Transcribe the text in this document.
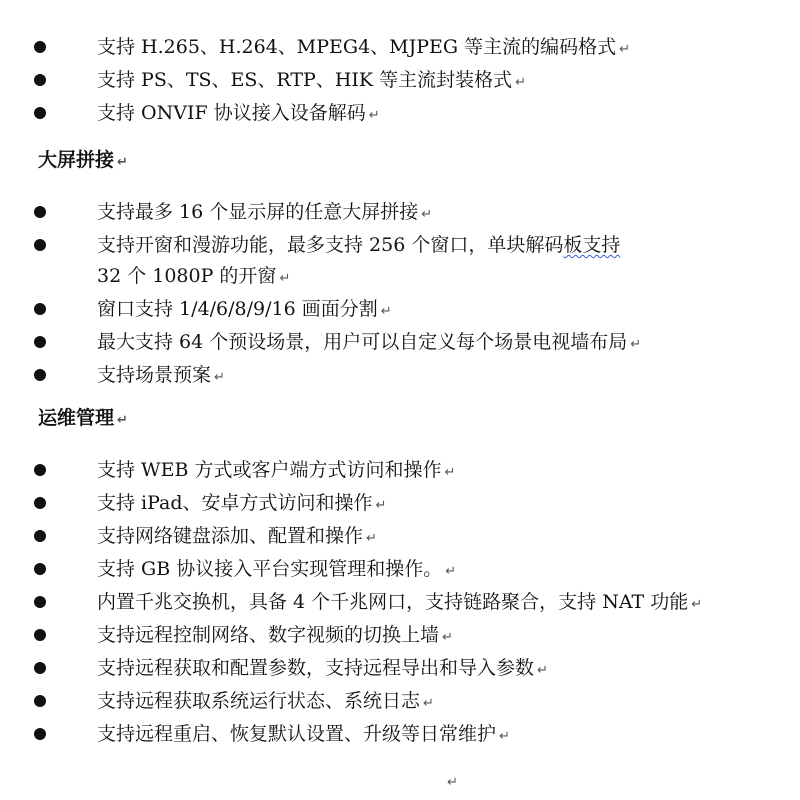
支持 H.265、H.264、MPEG4、MJPEG 等主流的编码格式 ↵
支持 PS、TS、ES、RTP、HIK 等主流封装格式 ↵
支持 ONVIF 协议接入设备解码 ↵
大屏拼接 ↵
支持最多 16 个显示屏的任意大屏拼接 ↵
支持开窗和漫游功能，最多支持 256 个窗口，单块解码板支持
32 个 1080P 的开窗 ↵
窗口支持 1/4/6/8/9/16 画面分割 ↵
最大支持 64 个预设场景，用户可以自定义每个场景电视墙布局 ↵
支持场景预案 ↵
运维管理 ↵
支持 WEB 方式或客户端方式访问和操作 ↵
支持 iPad、安卓方式访问和操作 ↵
支持网络键盘添加、配置和操作 ↵
支持 GB 协议接入平台实现管理和操作。 ↵
内置千兆交换机，具备 4 个千兆网口，支持链路聚合，支持 NAT 功能 ↵
支持远程控制网络、数字视频的切换上墙 ↵
支持远程获取和配置参数，支持远程导出和导入参数 ↵
支持远程获取系统运行状态、系统日志 ↵
支持远程重启、恢复默认设置、升级等日常维护 ↵
↵
